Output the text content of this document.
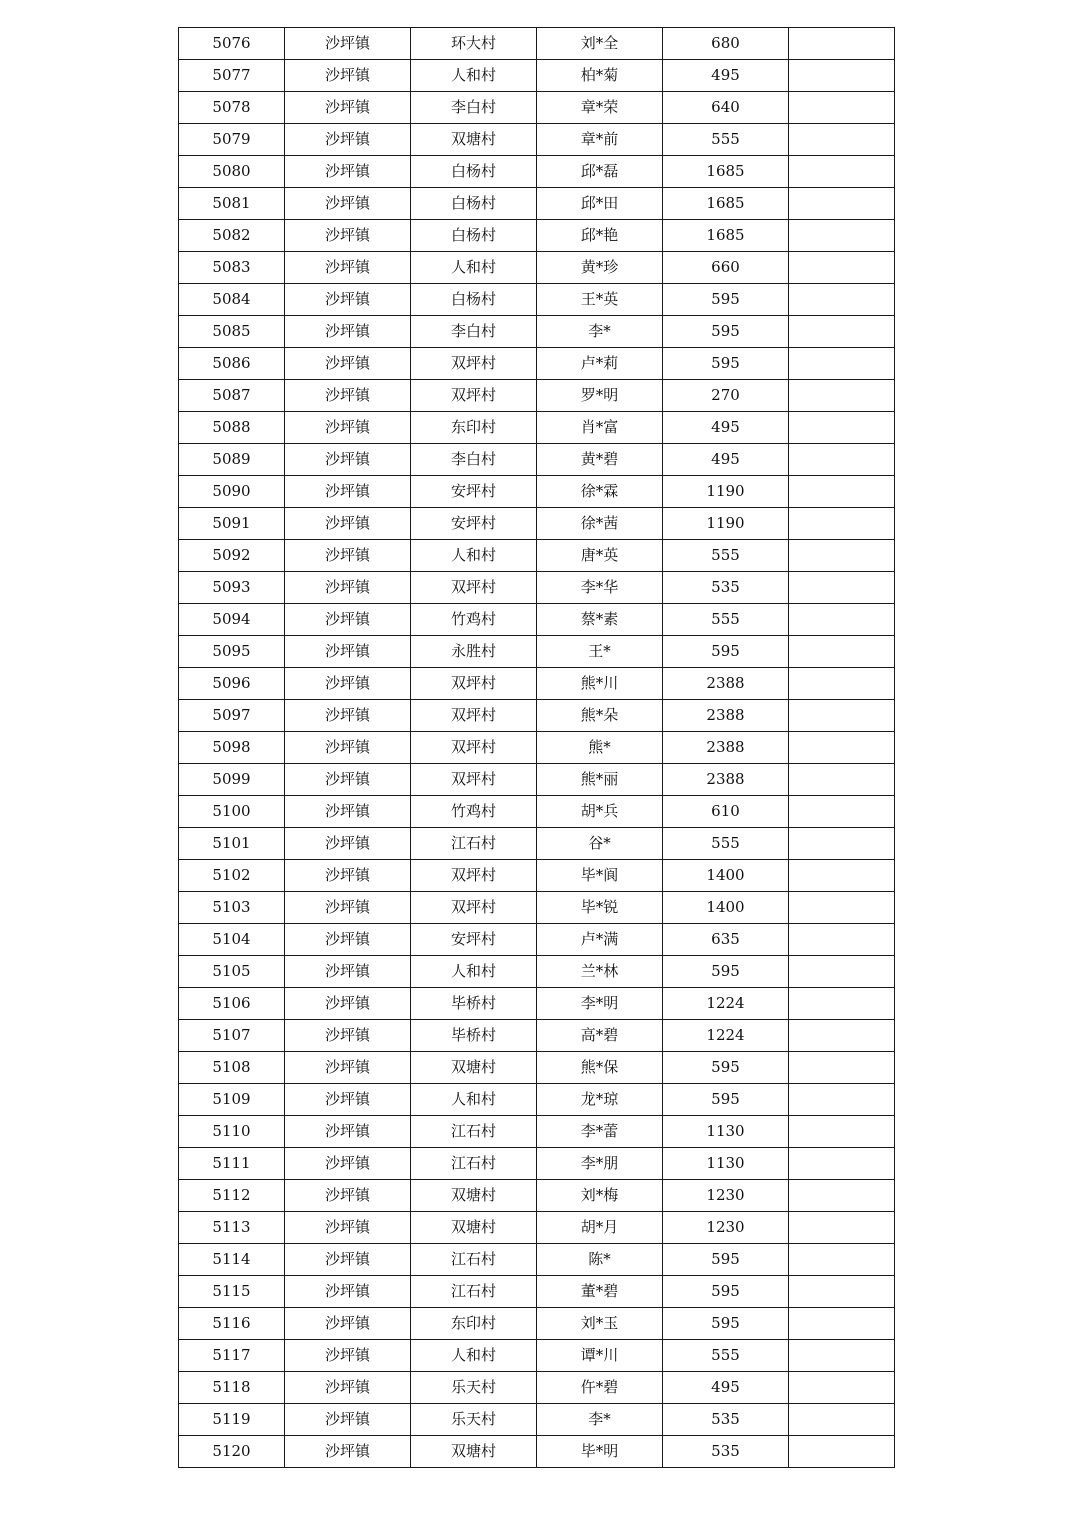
5076	沙坪镇	环大村	刘*全	680	
5077	沙坪镇	人和村	柏*菊	495	
5078	沙坪镇	李白村	章*荣	640	
5079	沙坪镇	双塘村	章*前	555	
5080	沙坪镇	白杨村	邱*磊	1685	
5081	沙坪镇	白杨村	邱*田	1685	
5082	沙坪镇	白杨村	邱*艳	1685	
5083	沙坪镇	人和村	黄*珍	660	
5084	沙坪镇	白杨村	王*英	595	
5085	沙坪镇	李白村	李*	595	
5086	沙坪镇	双坪村	卢*莉	595	
5087	沙坪镇	双坪村	罗*明	270	
5088	沙坪镇	东印村	肖*富	495	
5089	沙坪镇	李白村	黄*碧	495	
5090	沙坪镇	安坪村	徐*霖	1190	
5091	沙坪镇	安坪村	徐*茜	1190	
5092	沙坪镇	人和村	唐*英	555	
5093	沙坪镇	双坪村	李*华	535	
5094	沙坪镇	竹鸡村	蔡*素	555	
5095	沙坪镇	永胜村	王*	595	
5096	沙坪镇	双坪村	熊*川	2388	
5097	沙坪镇	双坪村	熊*朵	2388	
5098	沙坪镇	双坪村	熊*	2388	
5099	沙坪镇	双坪村	熊*丽	2388	
5100	沙坪镇	竹鸡村	胡*兵	610	
5101	沙坪镇	江石村	谷*	555	
5102	沙坪镇	双坪村	毕*阆	1400	
5103	沙坪镇	双坪村	毕*锐	1400	
5104	沙坪镇	安坪村	卢*满	635	
5105	沙坪镇	人和村	兰*林	595	
5106	沙坪镇	毕桥村	李*明	1224	
5107	沙坪镇	毕桥村	高*碧	1224	
5108	沙坪镇	双塘村	熊*保	595	
5109	沙坪镇	人和村	龙*琼	595	
5110	沙坪镇	江石村	李*蕾	1130	
5111	沙坪镇	江石村	李*朋	1130	
5112	沙坪镇	双塘村	刘*梅	1230	
5113	沙坪镇	双塘村	胡*月	1230	
5114	沙坪镇	江石村	陈*	595	
5115	沙坪镇	江石村	董*碧	595	
5116	沙坪镇	东印村	刘*玉	595	
5117	沙坪镇	人和村	谭*川	555	
5118	沙坪镇	乐天村	仵*碧	495	
5119	沙坪镇	乐天村	李*	535	
5120	沙坪镇	双塘村	毕*明	535	
